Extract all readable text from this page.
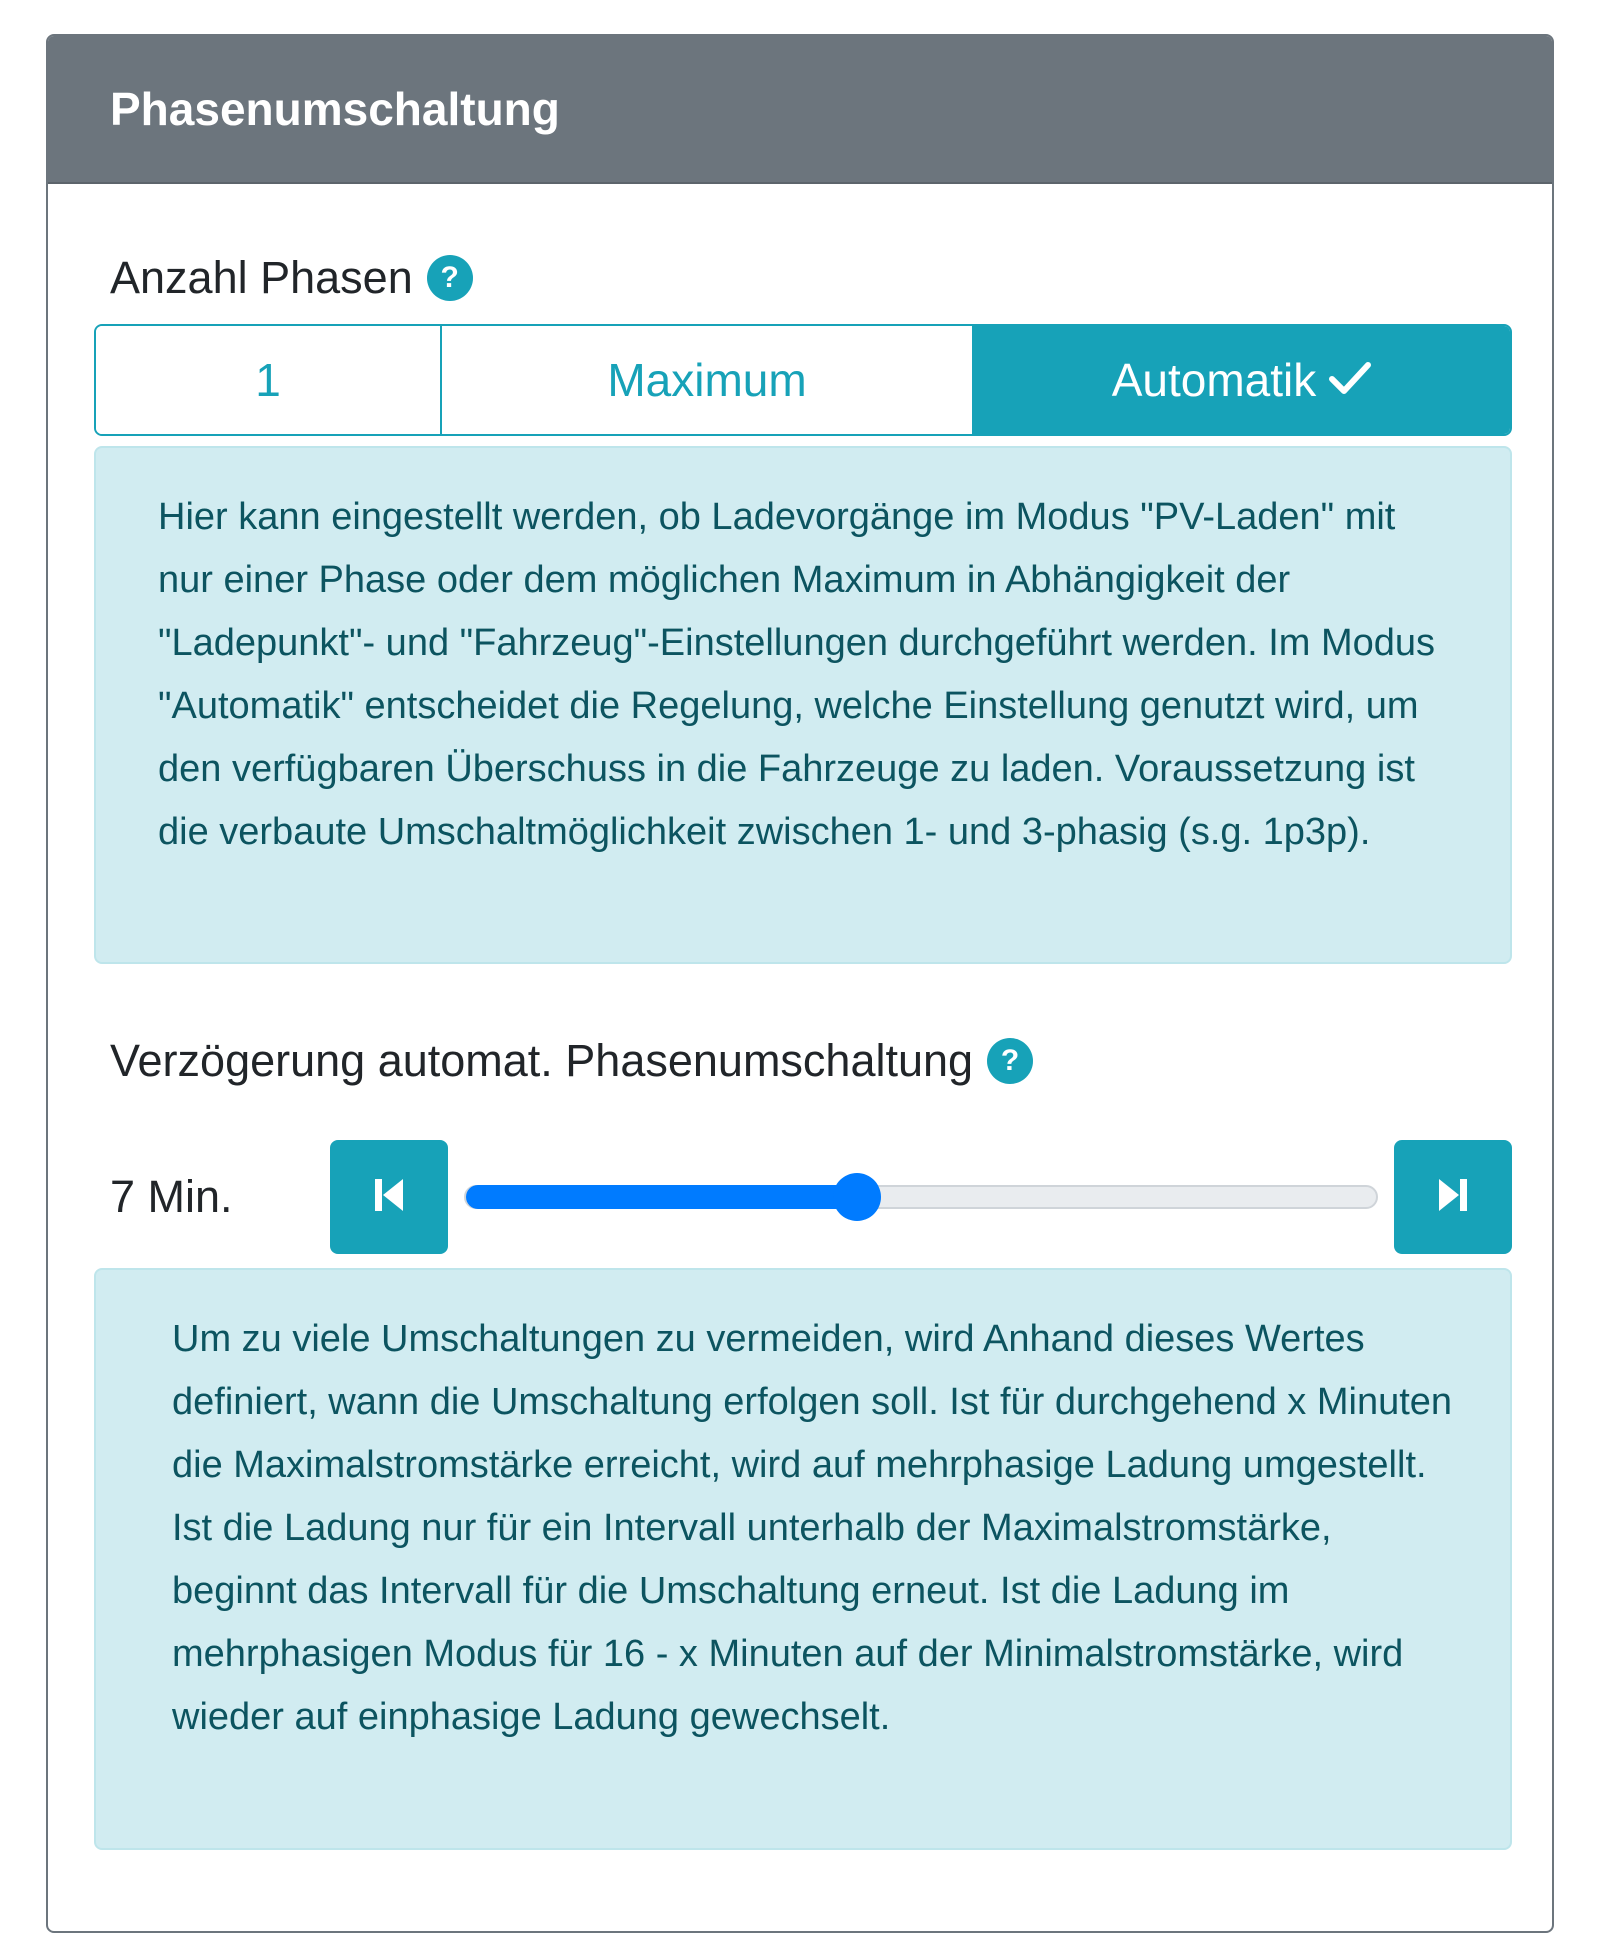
Phasenumschaltung
Anzahl Phasen ?
1	Maximum	Automatik

Hier kann eingestellt werden, ob Ladevorgänge im Modus "PV-Laden" mit nur einer Phase oder dem möglichen Maximum in Abhängigkeit der "Ladepunkt"- und "Fahrzeug"-Einstellungen durchgeführt werden. Im Modus "Automatik" entscheidet die Regelung, welche Einstellung genutzt wird, um den verfügbaren Überschuss in die Fahrzeuge zu laden. Voraussetzung ist die verbaute Umschaltmöglichkeit zwischen 1- und 3-phasig (s.g. 1p3p).

Verzögerung automat. Phasenumschaltung ?
7 Min.

Um zu viele Umschaltungen zu vermeiden, wird Anhand dieses Wertes definiert, wann die Umschaltung erfolgen soll. Ist für durchgehend x Minuten die Maximalstromstärke erreicht, wird auf mehrphasige Ladung umgestellt. Ist die Ladung nur für ein Intervall unterhalb der Maximalstromstärke, beginnt das Intervall für die Umschaltung erneut. Ist die Ladung im mehrphasigen Modus für 16 - x Minuten auf der Minimalstromstärke, wird wieder auf einphasige Ladung gewechselt.
